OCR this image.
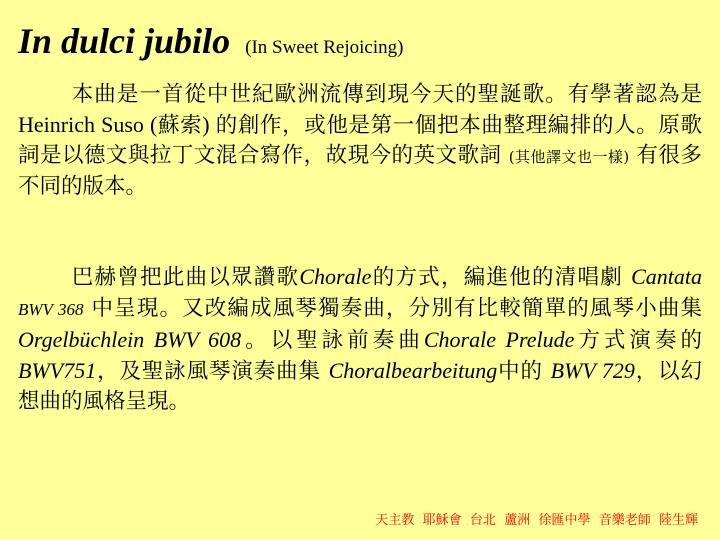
In dulci jubilo (In Sweet Rejoicing)

本曲是一首從中世紀歐洲流傳到現今天的聖誕歌。有學著認為是Heinrich Suso (蘇索) 的創作，或他是第一個把本曲整理編排的人。原歌詞是以德文與拉丁文混合寫作，故現今的英文歌詞 (其他譯文也一樣) 有很多不同的版本。

巴赫曾把此曲以眾讚歌Chorale的方式，編進他的清唱劇 Cantata BWV 368 中呈現。又改編成風琴獨奏曲，分別有比較簡單的風琴小曲集Orgelbüchlein BWV 608。以聖詠前奏曲Chorale Prelude方式演奏的BWV751，及聖詠風琴演奏曲集 Choralbearbeitung中的 BWV 729，以幻想曲的風格呈現。

天主教  耶穌會  台北  蘆洲  徐匯中學  音樂老師  陸生輝
